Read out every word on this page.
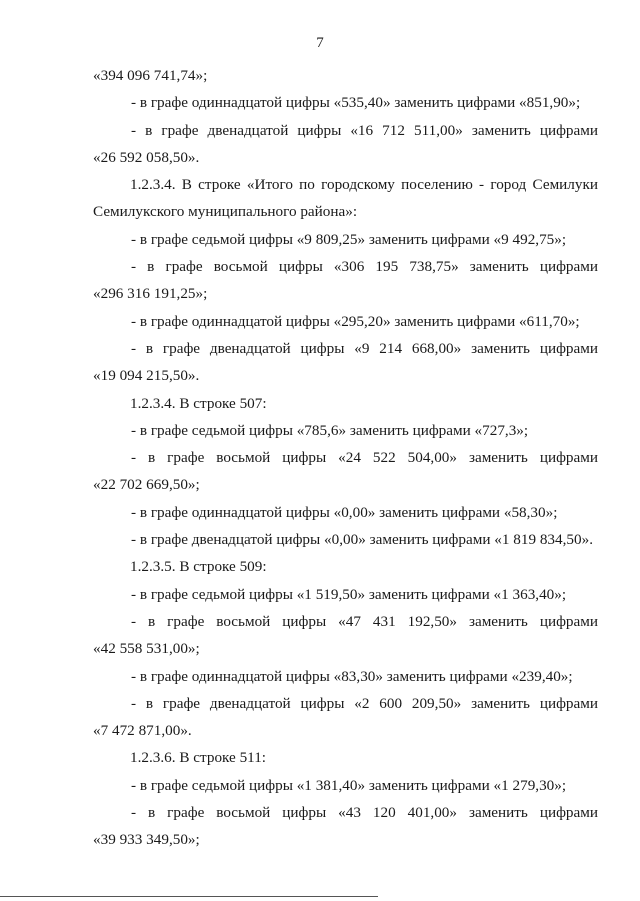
7
«394 096 741,74»;
- в графе одиннадцатой цифры «535,40» заменить цифрами «851,90»;
- в графе двенадцатой цифры «16 712 511,00» заменить цифрами
«26 592 058,50».
1.2.3.4. В строке «Итого по городскому поселению - город Семилуки
Семилукского муниципального района»:
- в графе седьмой цифры «9 809,25» заменить цифрами «9 492,75»;
- в графе восьмой цифры «306 195 738,75» заменить цифрами
«296 316 191,25»;
- в графе одиннадцатой цифры «295,20» заменить цифрами «611,70»;
- в графе двенадцатой цифры «9 214 668,00» заменить цифрами
«19 094 215,50».
1.2.3.4. В строке 507:
- в графе седьмой цифры «785,6» заменить цифрами «727,3»;
- в графе восьмой цифры «24 522 504,00» заменить цифрами
«22 702 669,50»;
- в графе одиннадцатой цифры «0,00» заменить цифрами «58,30»;
- в графе двенадцатой цифры «0,00» заменить цифрами «1 819 834,50».
1.2.3.5. В строке 509:
- в графе седьмой цифры «1 519,50» заменить цифрами «1 363,40»;
- в графе восьмой цифры «47 431 192,50» заменить цифрами
«42 558 531,00»;
- в графе одиннадцатой цифры «83,30» заменить цифрами «239,40»;
- в графе двенадцатой цифры «2 600 209,50» заменить цифрами
«7 472 871,00».
1.2.3.6. В строке 511:
- в графе седьмой цифры «1 381,40» заменить цифрами «1 279,30»;
- в графе восьмой цифры «43 120 401,00» заменить цифрами
«39 933 349,50»;
